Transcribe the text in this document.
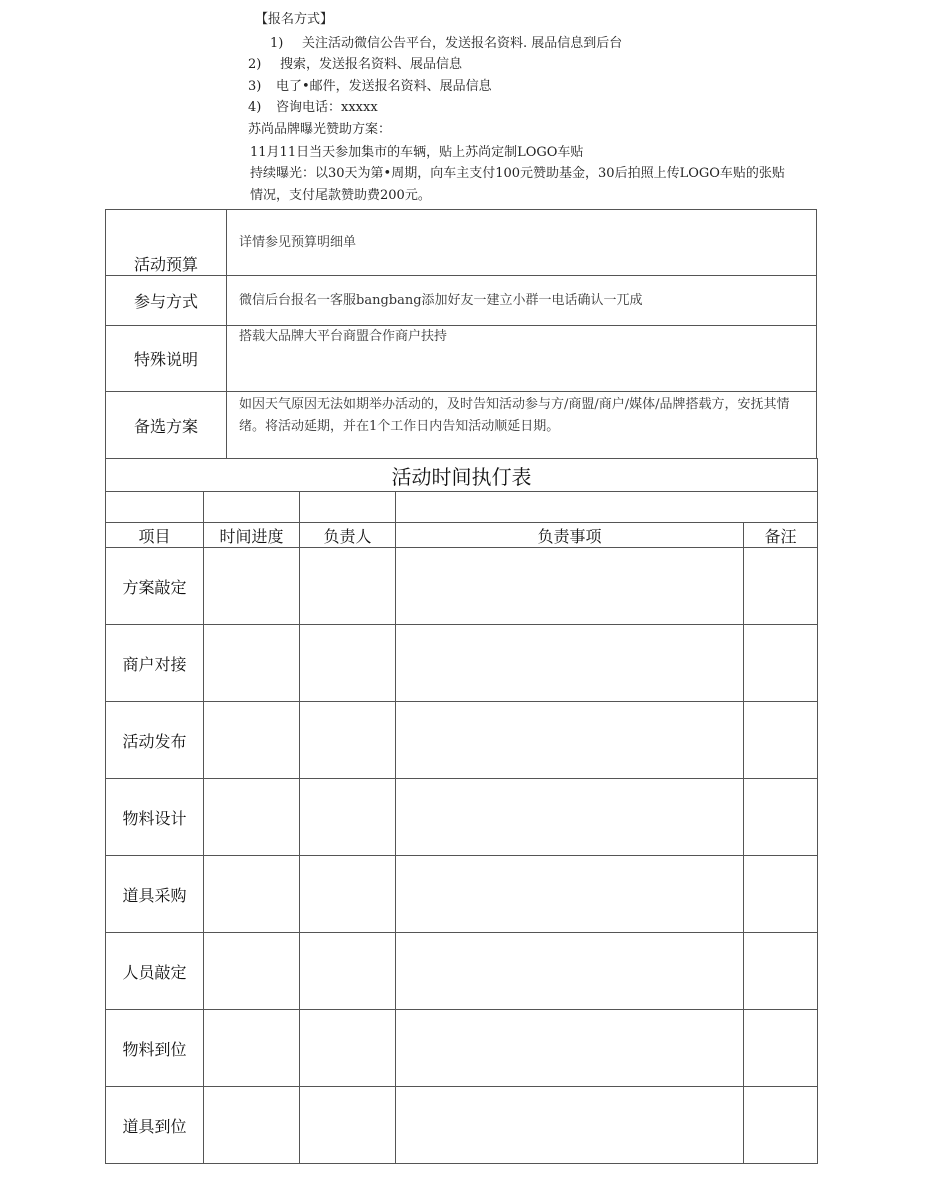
【报名方式】
1) 关注活动微信公告平台，发送报名资料. 展品信息到后台
2) 搜索，发送报名资料、展品信息
3) 电了•邮件，发送报名资料、展品信息
4) 咨询电话：xxxxx
苏尚品牌曝光赞助方案：
11月11日当天参加集市的车辆，贴上苏尚定制LOGO车贴
持续曝光：以30天为第•周期，向车主支付100元赞助基金，30后拍照上传LOGO车贴的张贴
情况，支付尾款赞助费200元。
活动预算	详情参见预算明细单
参与方式	微信后台报名一客服bangbang添加好友一建立小群一电话确认一兀成
特殊说明	搭载大品牌大平台商盟合作商户扶持
备选方案	如因天气原因无法如期举办活动的，及时告知活动参与方/商盟/商户/媒体/品牌搭载方，安抚其情绪。将活动延期，并在1个工作日内告知活动顺延日期。
活动时间执仃表				

项目	时间进度	负责人	负责事项	备汪
方案敲定				
商户对接				
活动发布				
物料设计				
道具采购				
人员敲定				
物料到位				
道具到位				
